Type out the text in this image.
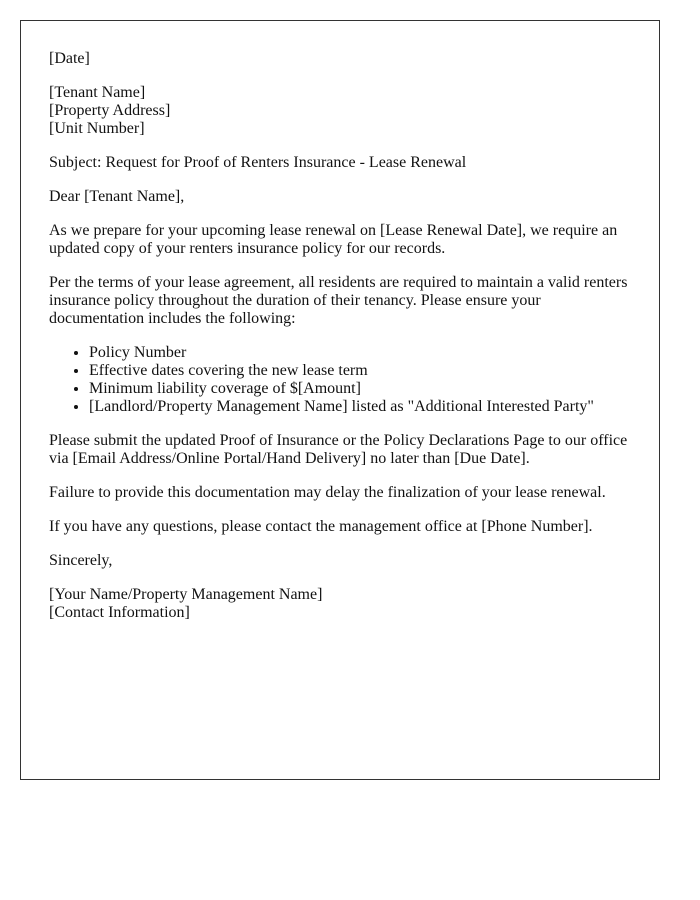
[Date]

[Tenant Name]
[Property Address]
[Unit Number]

Subject: Request for Proof of Renters Insurance - Lease Renewal

Dear [Tenant Name],

As we prepare for your upcoming lease renewal on [Lease Renewal Date], we require an updated copy of your renters insurance policy for our records.

Per the terms of your lease agreement, all residents are required to maintain a valid renters insurance policy throughout the duration of their tenancy. Please ensure your documentation includes the following:

• Policy Number
• Effective dates covering the new lease term
• Minimum liability coverage of $[Amount]
• [Landlord/Property Management Name] listed as "Additional Interested Party"

Please submit the updated Proof of Insurance or the Policy Declarations Page to our office via [Email Address/Online Portal/Hand Delivery] no later than [Due Date].

Failure to provide this documentation may delay the finalization of your lease renewal.

If you have any questions, please contact the management office at [Phone Number].

Sincerely,

[Your Name/Property Management Name]
[Contact Information]
